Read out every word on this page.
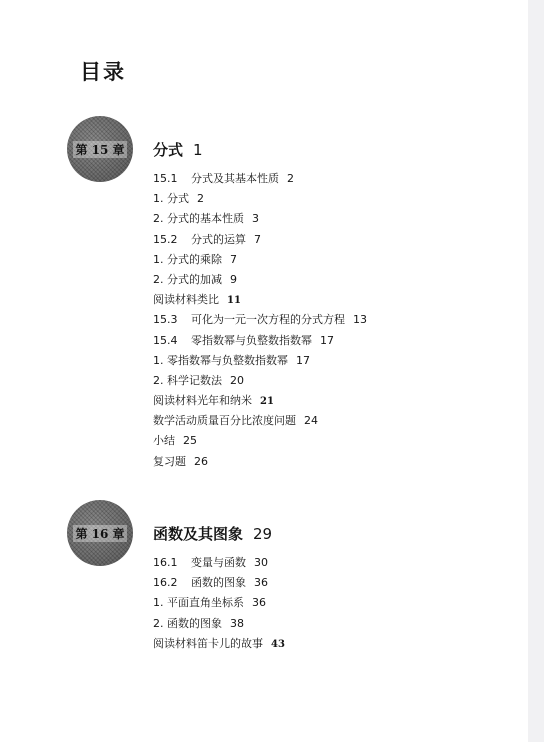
目录
第 15 章 分式 1
15.1 分式及其基本性质 2
1. 分式 2
2. 分式的基本性质 3
15.2 分式的运算 7
1. 分式的乘除 7
2. 分式的加减 9
阅读材料类比 11
15.3 可化为一元一次方程的分式方程 13
15.4 零指数幂与负整数指数幂 17
1. 零指数幂与负整数指数幂 17
2. 科学记数法 20
阅读材料光年和纳米 21
数学活动质量百分比浓度问题 24
小结 25
复习题 26
第 16 章 函数及其图象 29
16.1 变量与函数 30
16.2 函数的图象 36
1. 平面直角坐标系 36
2. 函数的图象 38
阅读材料笛卡儿的故事 43
